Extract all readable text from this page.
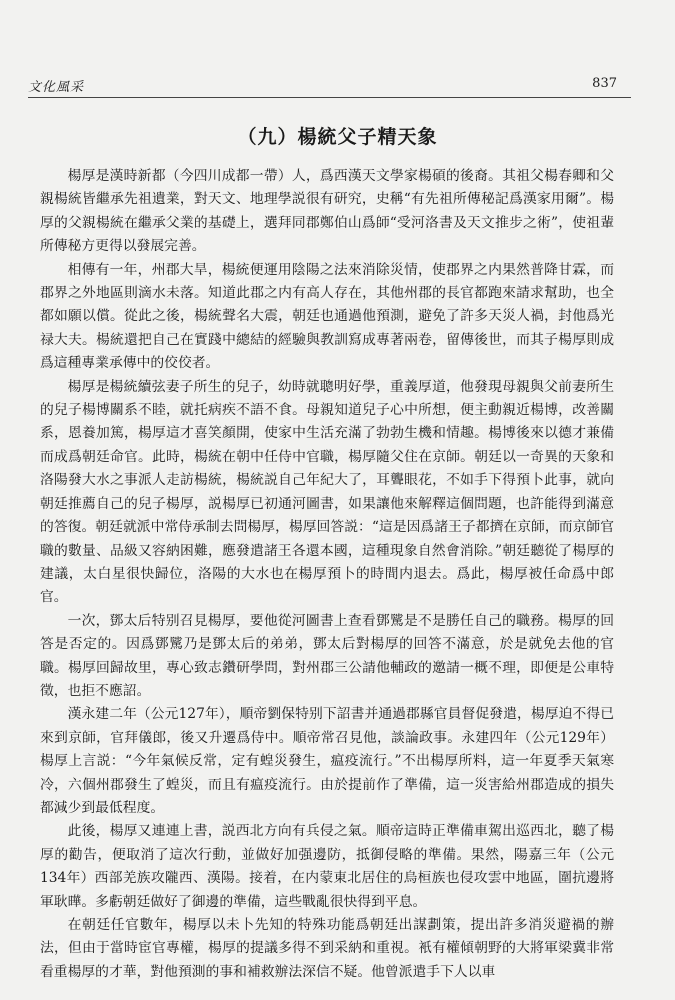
文化風采	837
（九）楊統父子精天象

楊厚是漢時新都（今四川成都一帶）人，爲西漢天文學家楊碩的後裔。其祖父楊春卿和父親楊統皆繼承先祖遺業，對天文、地理學説很有研究，史稱“有先祖所傳秘記爲漢家用爾”。楊厚的父親楊統在繼承父業的基礎上，選拜同郡鄭伯山爲師“受河洛書及天文推步之術”，使祖輩所傳秘方更得以發展完善。

相傳有一年，州郡大旱，楊統便運用陰陽之法來消除災情，使郡界之内果然普降甘霖，而郡界之外地區則滴水未落。知道此郡之内有高人存在，其他州郡的長官都跑來請求幫助，也全都如願以償。從此之後，楊統聲名大震，朝廷也通過他預測，避免了許多天災人禍，封他爲光禄大夫。楊統還把自己在實踐中總結的經驗與教訓寫成專著兩卷，留傳後世，而其子楊厚則成爲這種專業承傳中的佼佼者。

楊厚是楊統續弦妻子所生的兒子，幼時就聰明好學，重義厚道，他發現母親與父前妻所生的兒子楊博關系不睦，就托病疾不語不食。母親知道兒子心中所想，便主動親近楊博，改善關系，恩養加篤，楊厚這才喜笑顏開，使家中生活充滿了勃勃生機和情趣。楊博後來以德才兼備而成爲朝廷命官。此時，楊統在朝中任侍中官職，楊厚隨父住在京師。朝廷以一奇異的天象和洛陽發大水之事派人走訪楊統，楊統説自己年紀大了，耳聾眼花，不如手下得預卜此事，就向朝廷推薦自己的兒子楊厚，説楊厚已初通河圖書，如果讓他來解釋這個問題，也許能得到滿意的答復。朝廷就派中常侍承制去問楊厚，楊厚回答説：“這是因爲諸王子都擠在京師，而京師官職的數量、品級又容納困難，應發遣諸王各還本國，這種現象自然會消除。”朝廷聽從了楊厚的建議，太白星很快歸位，洛陽的大水也在楊厚預卜的時間内退去。爲此，楊厚被任命爲中郎官。

一次，鄧太后特别召見楊厚，要他從河圖書上查看鄧騭是不是勝任自己的職務。楊厚的回答是否定的。因爲鄧騭乃是鄧太后的弟弟，鄧太后對楊厚的回答不滿意，於是就免去他的官職。楊厚回歸故里，專心致志鑽研學問，對州郡三公請他輔政的邀請一概不理，即便是公車特徵，也拒不應詔。

漢永建二年（公元127年），順帝劉保特别下詔書并通過郡縣官員督促發遣，楊厚迫不得已來到京師，官拜儀郎，後又升遷爲侍中。順帝常召見他，談論政事。永建四年（公元129年）楊厚上言説：“今年氣候反常，定有蝗災發生，瘟疫流行。”不出楊厚所料，這一年夏季天氣寒冷，六個州郡發生了蝗災，而且有瘟疫流行。由於提前作了準備，這一災害給州郡造成的損失都減少到最低程度。

此後，楊厚又連連上書，説西北方向有兵侵之氣。順帝這時正準備車駕出巡西北，聽了楊厚的勸告，便取消了這次行動，並做好加强邊防，抵御侵略的準備。果然，陽嘉三年（公元134年）西部羌族攻隴西、漢陽。接着，在内蒙東北居住的烏桓族也侵攻雲中地區，圍抗邊將軍耿曄。多虧朝廷做好了御邊的準備，這些戰亂很快得到平息。

在朝廷任官數年，楊厚以未卜先知的特殊功能爲朝廷出謀劃策，提出許多消災避禍的辦法，但由于當時宦官專權，楊厚的提議多得不到采納和重視。衹有權傾朝野的大將軍梁冀非常看重楊厚的才華，對他預測的事和補救辦法深信不疑。他曾派遣手下人以車
